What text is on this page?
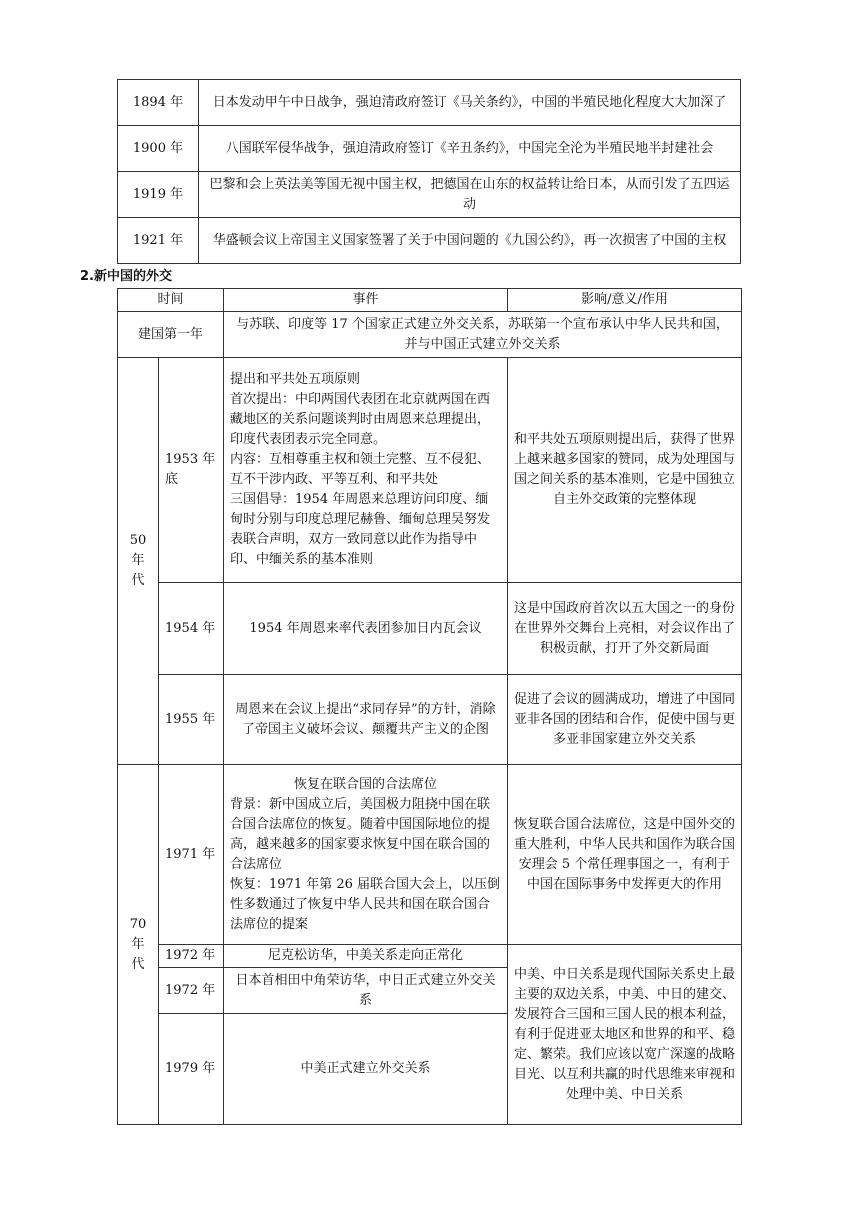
1894 年	日本发动甲午中日战争，强迫清政府签订《马关条约》，中国的半殖民地化程度大大加深了
1900 年	八国联军侵华战争，强迫清政府签订《辛丑条约》，中国完全沦为半殖民地半封建社会
1919 年	巴黎和会上英法美等国无视中国主权，把德国在山东的权益转让给日本，从而引发了五四运动
1921 年	华盛顿会议上帝国主义国家签署了关于中国问题的《九国公约》，再一次损害了中国的主权
2.新中国的外交
时间		事件	影响/意义/作用
建国第一年		与苏联、印度等 17 个国家正式建立外交关系，苏联第一个宣布承认中华人民共和国，并与中国正式建立外交关系	

50
年
代	1953 年底	提出和平共处五项原则
首次提出：中印两国代表团在北京就两国在西藏地区的关系问题谈判时由周恩来总理提出，印度代表团表示完全同意。
内容：互相尊重主权和领土完整、互不侵犯、互不干涉内政、平等互利、和平共处
三国倡导：1954 年周恩来总理访问印度、缅甸时分别与印度总理尼赫鲁、缅甸总理吴努发表联合声明，双方一致同意以此作为指导中印、中缅关系的基本准则	和平共处五项原则提出后，获得了世界上越来越多国家的赞同，成为处理国与国之间关系的基本准则，它是中国独立自主外交政策的完整体现
	1954 年	1954 年周恩来率代表团参加日内瓦会议	这是中国政府首次以五大国之一的身份在世界外交舞台上亮相，对会议作出了积极贡献，打开了外交新局面
	1955 年	周恩来在会议上提出“求同存异”的方针，消除了帝国主义破坏会议、颠覆共产主义的企图	促进了会议的圆满成功，增进了中国同亚非各国的团结和合作，促使中国与更多亚非国家建立外交关系

70
年
代	1971 年	恢复在联合国的合法席位
背景：新中国成立后，美国极力阻挠中国在联合国合法席位的恢复。随着中国国际地位的提高，越来越多的国家要求恢复中国在联合国的合法席位
恢复：1971 年第 26 届联合国大会上，以压倒性多数通过了恢复中华人民共和国在联合国合法席位的提案	恢复联合国合法席位，这是中国外交的重大胜利，中华人民共和国作为联合国安理会 5 个常任理事国之一，有利于中国在国际事务中发挥更大的作用
	1972 年	尼克松访华，中美关系走向正常化	中美、中日关系是现代国际关系史上最主要的双边关系，中美、中日的建交、发展符合三国和三国人民的根本利益，有利于促进亚太地区和世界的和平、稳定、繁荣。我们应该以宽广深邃的战略目光、以互利共赢的时代思维来审视和处理中美、中日关系
	1972 年	日本首相田中角荣访华，中日正式建立外交关系	
	1979 年	中美正式建立外交关系	
